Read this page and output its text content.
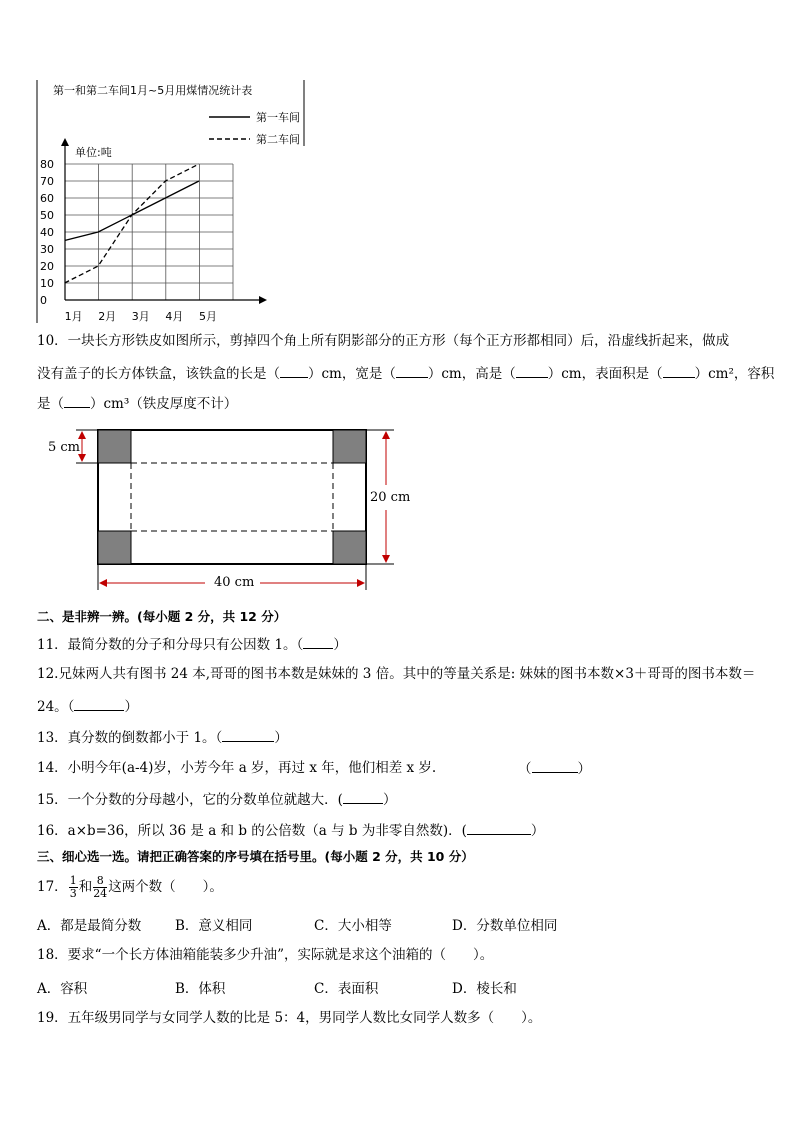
0
10
20
30
40
50
60
70
80
1月 2月 3月 4月 5月
第一和第二车间1月~5月用煤情况统计表
第一车间
第二车间
单位:吨
10．一块长方形铁皮如图所示，剪掉四个角上所有阴影部分的正方形（每个正方形都相同）后，沿虚线折起来，做成
没有盖子的长方体铁盒，该铁盒的长是（ ）cm，宽是（ ）cm，高是（ ）cm，表面积是（ ）cm²，容积
是（ ）cm³（铁皮厚度不计）
5 cm
20 cm
40 cm
二、是非辨一辨。(每小题 2 分，共 12 分）
11．最简分数的分子和分母只有公因数 1。（ ）
12.兄妹两人共有图书 24 本,哥哥的图书本数是妹妹的 3 倍。其中的等量关系是: 妹妹的图书本数×3＋哥哥的图书本数＝
24。（	）
13．真分数的倒数都小于 1。（	）
14．小明今年(a-4)岁，小芳今年 a 岁，再过 x 年，他们相差 x 岁.	（	）
15．一个分数的分母越小，它的分数单位就越大．(	）
16．a×b=36，所以 36 是 a 和 b 的公倍数（a 与 b 为非零自然数)．(	）
三、细心选一选。请把正确答案的序号填在括号里。(每小题 2 分，共 10 分）
17． $\frac{1}{3}$ 和 $\frac{8}{24}$ 这两个数（　　）。
A．都是最简分数	B．意义相同	C．大小相等	D．分数单位相同
18．要求“一个长方体油箱能装多少升油”，实际就是求这个油箱的（　　）。
A．容积	B．体积	C．表面积	D．棱长和
19．五年级男同学与女同学人数的比是 5：4，男同学人数比女同学人数多（　　）。
